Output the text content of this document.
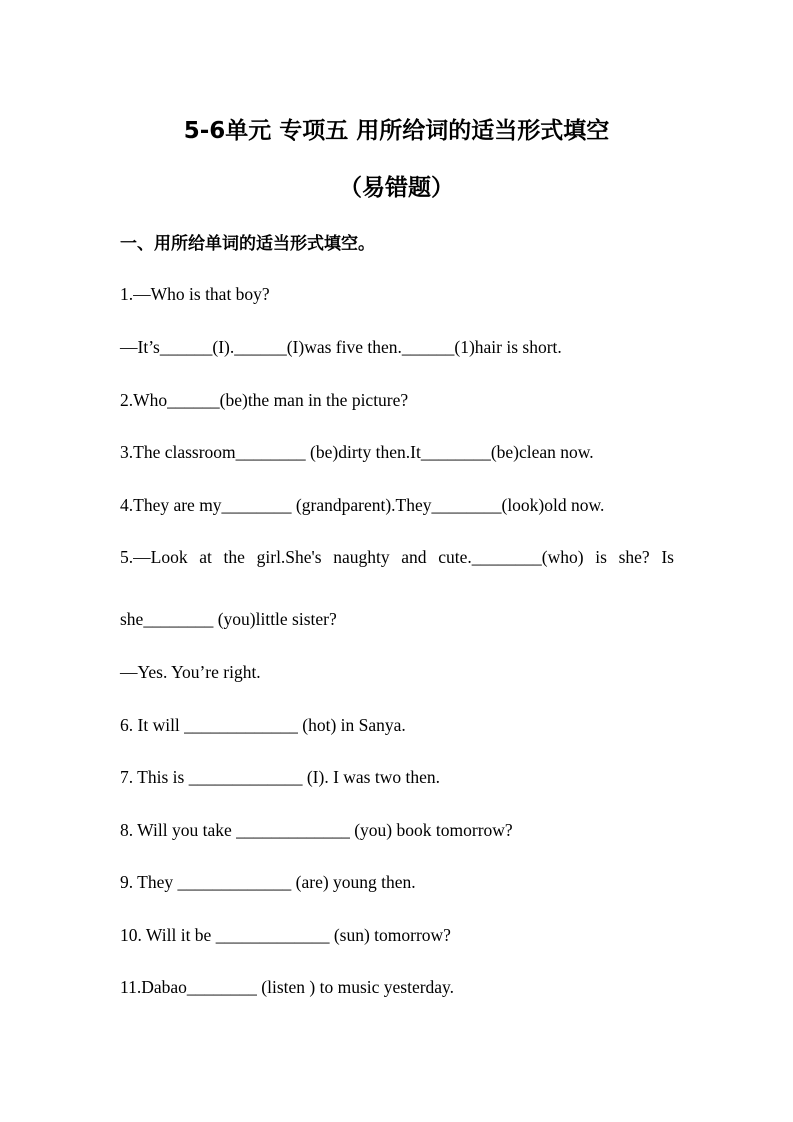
5-6单元 专项五 用所给词的适当形式填空
（易错题）
一、用所给单词的适当形式填空。
1.—Who is that boy?
—It’s______(I).______(I)was five then.______(1)hair is short.
2.Who______(be)the man in the picture?
3.The classroom________ (be)dirty then.It________(be)clean now.
4.They are my________ (grandparent).They________(look)old now.
5.—Look at the girl.She's naughty and cute.________(who) is she? Is
she________ (you)little sister?
—Yes. You’re right.
6. It will _____________ (hot) in Sanya.
7. This is _____________ (I). I was two then.
8. Will you take _____________ (you) book tomorrow?
9. They _____________ (are) young then.
10. Will it be _____________ (sun) tomorrow?
11.Dabao________ (listen ) to music yesterday.
